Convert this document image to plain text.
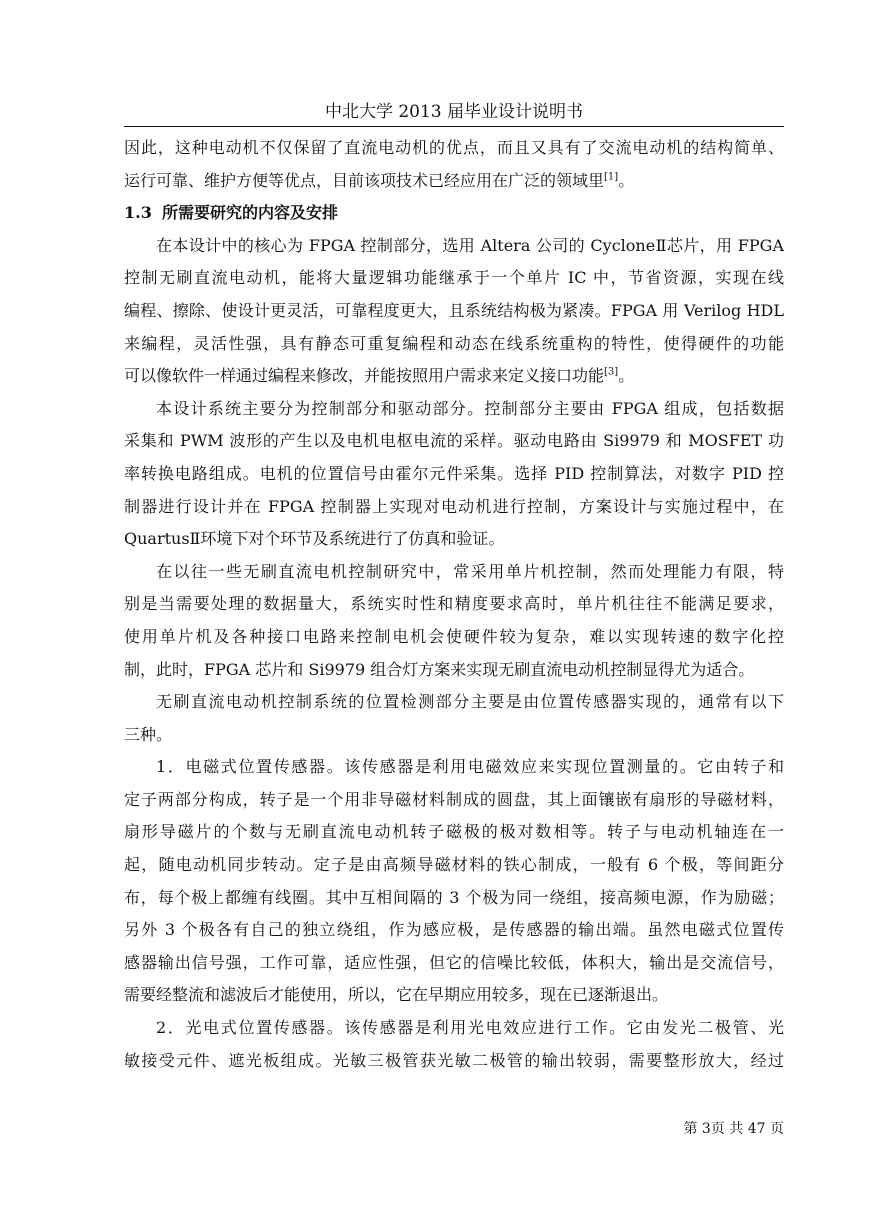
中北大学 2013 届毕业设计说明书
因此，这种电动机不仅保留了直流电动机的优点，而且又具有了交流电动机的结构简单、
运行可靠、维护方便等优点，目前该项技术已经应用在广泛的领域里[1]。
1.3 所需要研究的内容及安排
在本设计中的核心为 FPGA 控制部分，选用 Altera 公司的 CycloneⅡ芯片，用 FPGA
控制无刷直流电动机，能将大量逻辑功能继承于一个单片 IC 中，节省资源，实现在线
编程、擦除、使设计更灵活，可靠程度更大，且系统结构极为紧凑。FPGA 用 Verilog HDL
来编程，灵活性强，具有静态可重复编程和动态在线系统重构的特性，使得硬件的功能
可以像软件一样通过编程来修改，并能按照用户需求来定义接口功能[3]。
本设计系统主要分为控制部分和驱动部分。控制部分主要由 FPGA 组成，包括数据
采集和 PWM 波形的产生以及电机电枢电流的采样。驱动电路由 Si9979 和 MOSFET 功
率转换电路组成。电机的位置信号由霍尔元件采集。选择 PID 控制算法，对数字 PID 控
制器进行设计并在 FPGA 控制器上实现对电动机进行控制，方案设计与实施过程中，在
QuartusⅡ环境下对个环节及系统进行了仿真和验证。
在以往一些无刷直流电机控制研究中，常采用单片机控制，然而处理能力有限，特
别是当需要处理的数据量大，系统实时性和精度要求高时，单片机往往不能满足要求，
使用单片机及各种接口电路来控制电机会使硬件较为复杂，难以实现转速的数字化控
制，此时，FPGA 芯片和 Si9979 组合灯方案来实现无刷直流电动机控制显得尤为适合。
无刷直流电动机控制系统的位置检测部分主要是由位置传感器实现的，通常有以下
三种。
1．电磁式位置传感器。该传感器是利用电磁效应来实现位置测量的。它由转子和
定子两部分构成，转子是一个用非导磁材料制成的圆盘，其上面镶嵌有扇形的导磁材料，
扇形导磁片的个数与无刷直流电动机转子磁极的极对数相等。转子与电动机轴连在一
起，随电动机同步转动。定子是由高频导磁材料的铁心制成，一般有 6 个极，等间距分
布，每个极上都缠有线圈。其中互相间隔的 3 个极为同一绕组，接高频电源，作为励磁；
另外 3 个极各有自己的独立绕组，作为感应极，是传感器的输出端。虽然电磁式位置传
感器输出信号强，工作可靠，适应性强，但它的信噪比较低，体积大，输出是交流信号，
需要经整流和滤波后才能使用，所以，它在早期应用较多，现在已逐渐退出。
2．光电式位置传感器。该传感器是利用光电效应进行工作。它由发光二极管、光
敏接受元件、遮光板组成。光敏三极管获光敏二极管的输出较弱，需要整形放大，经过
第 3页 共 47 页
